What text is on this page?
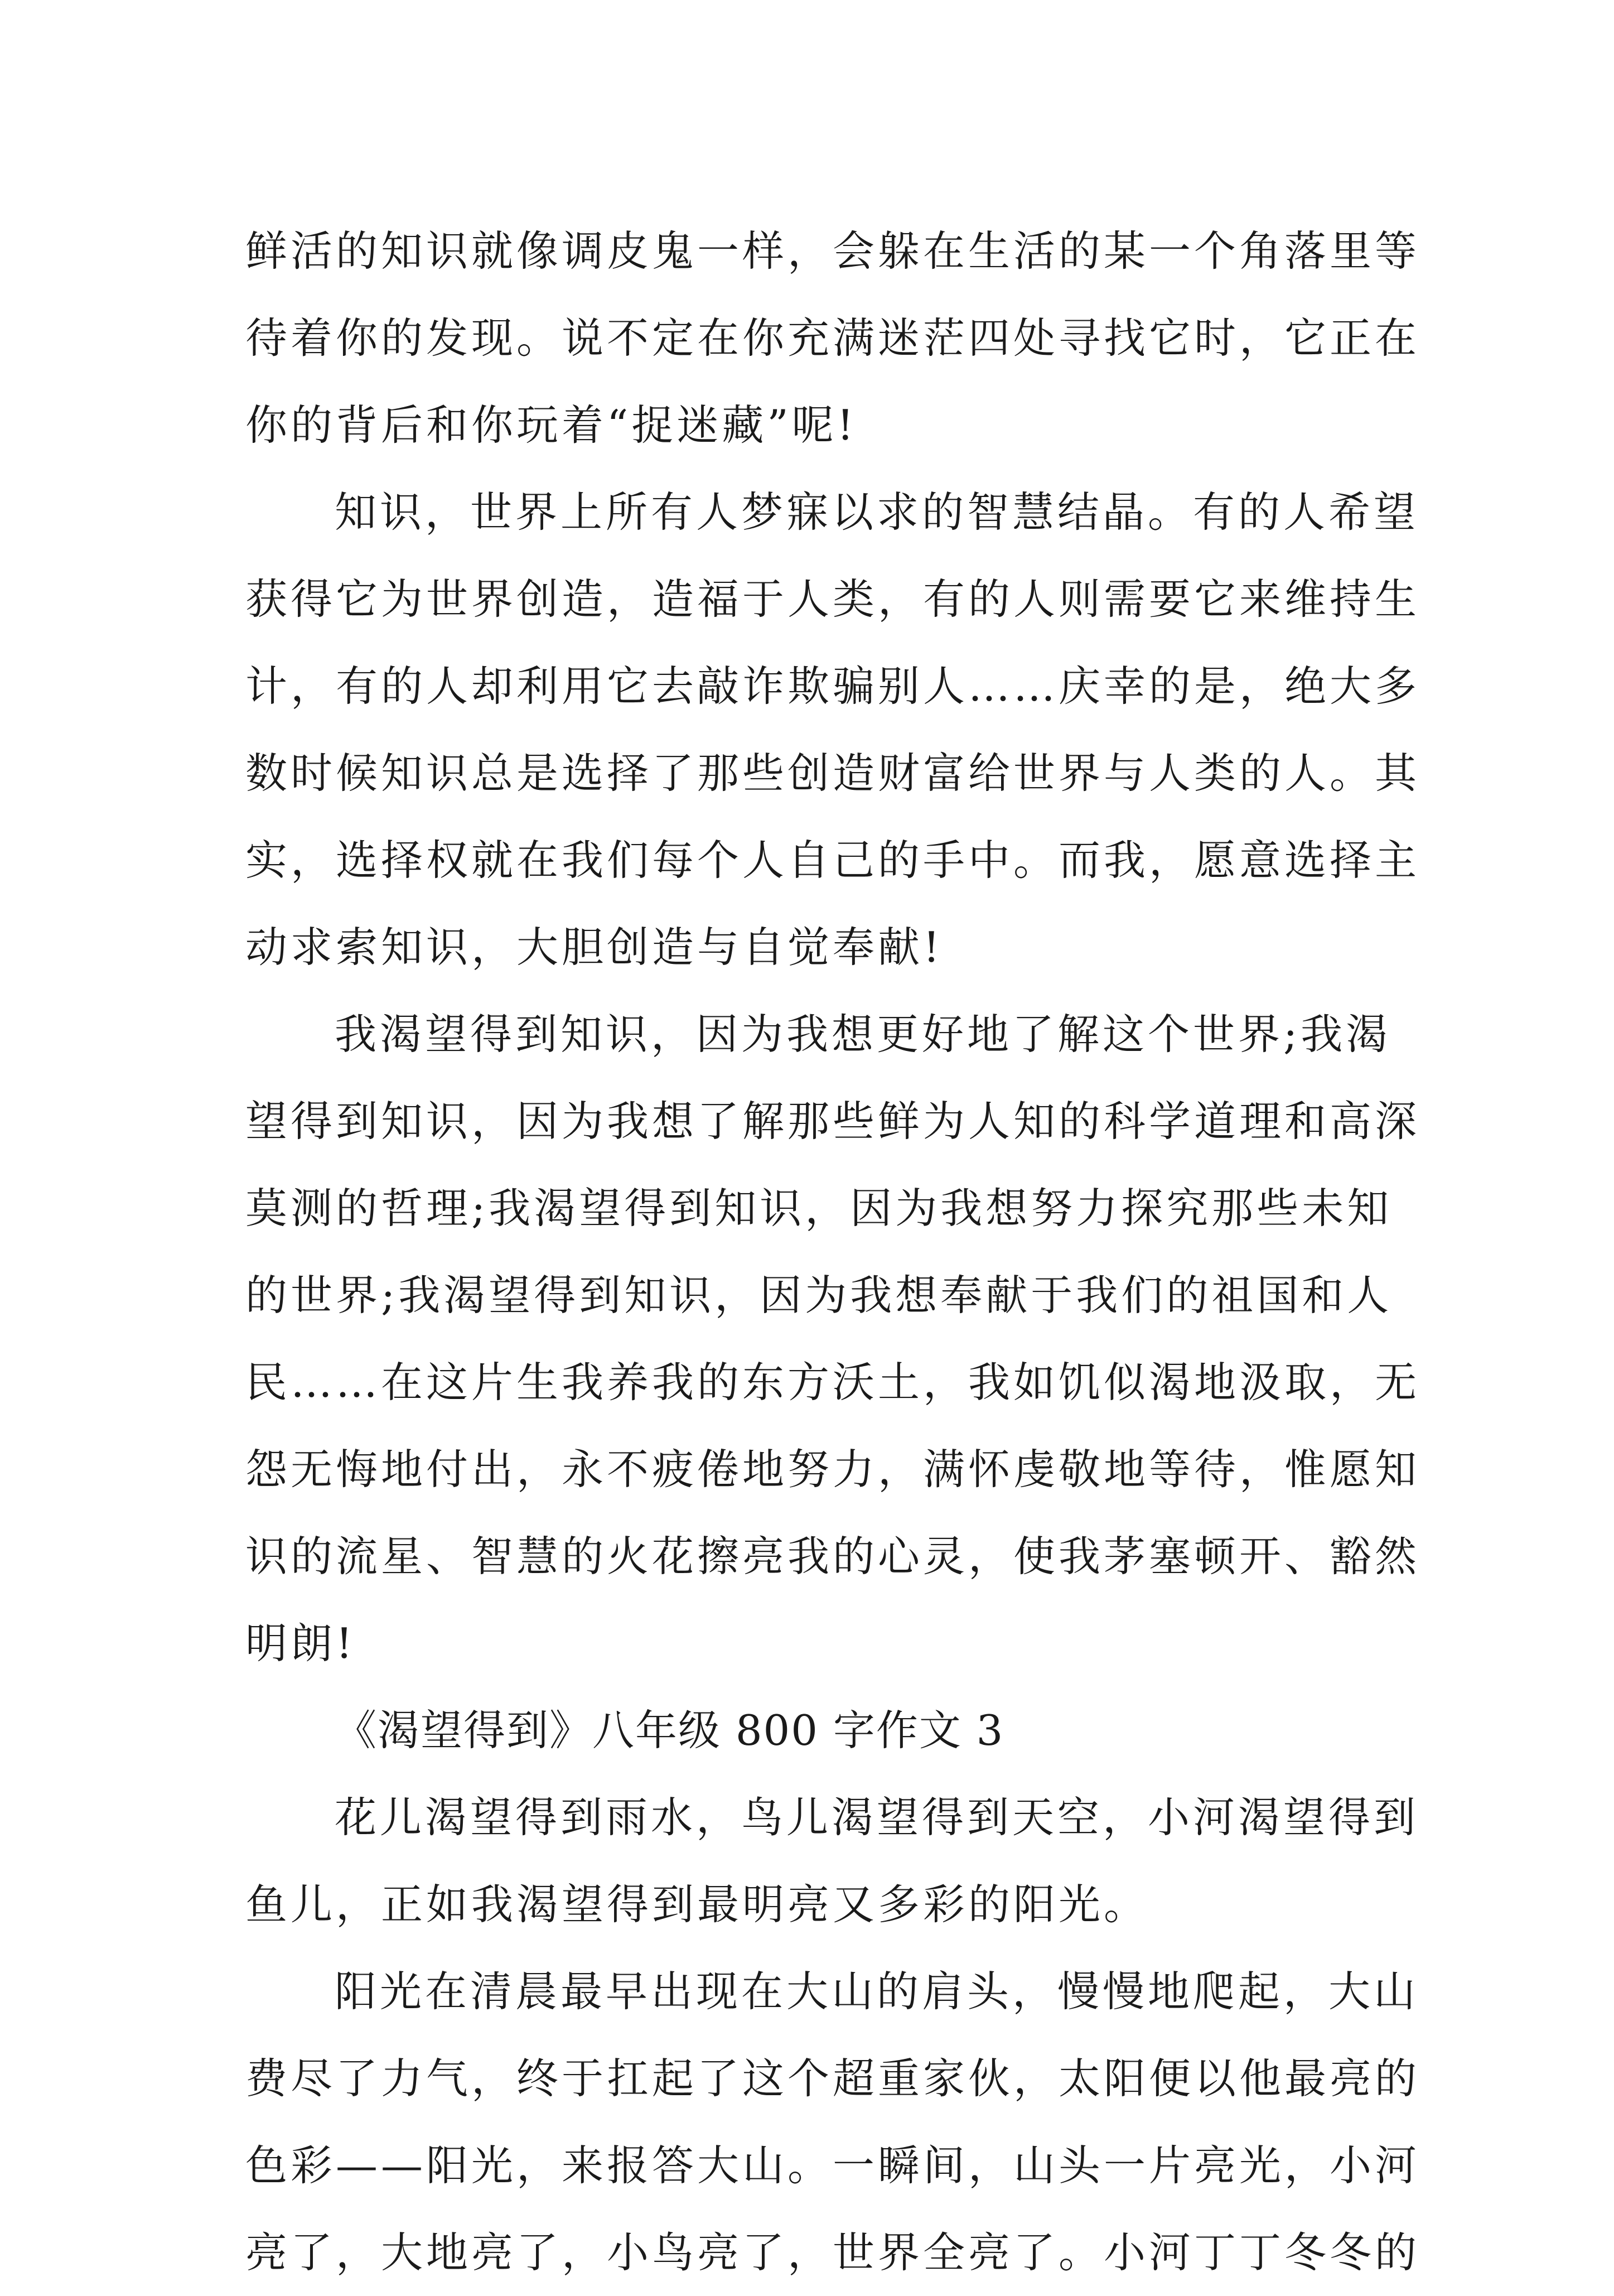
鲜活的知识就像调皮鬼一样，会躲在生活的某一个角落里等
待着你的发现。说不定在你充满迷茫四处寻找它时，它正在
你的背后和你玩着“捉迷藏”呢!
知识，世界上所有人梦寐以求的智慧结晶。有的人希望
获得它为世界创造，造福于人类，有的人则需要它来维持生
计，有的人却利用它去敲诈欺骗别人……庆幸的是，绝大多
数时候知识总是选择了那些创造财富给世界与人类的人。其
实，选择权就在我们每个人自己的手中。而我，愿意选择主
动求索知识，大胆创造与自觉奉献!
我渴望得到知识，因为我想更好地了解这个世界;我渴
望得到知识，因为我想了解那些鲜为人知的科学道理和高深
莫测的哲理;我渴望得到知识，因为我想努力探究那些未知
的世界;我渴望得到知识，因为我想奉献于我们的祖国和人
民……在这片生我养我的东方沃土，我如饥似渴地汲取，无
怨无悔地付出，永不疲倦地努力，满怀虔敬地等待，惟愿知
识的流星、智慧的火花擦亮我的心灵，使我茅塞顿开、豁然
明朗!
《渴望得到》八年级 800 字作文 3
花儿渴望得到雨水，鸟儿渴望得到天空，小河渴望得到
鱼儿，正如我渴望得到最明亮又多彩的阳光。
阳光在清晨最早出现在大山的肩头，慢慢地爬起，大山
费尽了力气，终于扛起了这个超重家伙，太阳便以他最亮的
色彩——阳光，来报答大山。一瞬间，山头一片亮光，小河
亮了，大地亮了，小鸟亮了，世界全亮了。小河丁丁冬冬的
